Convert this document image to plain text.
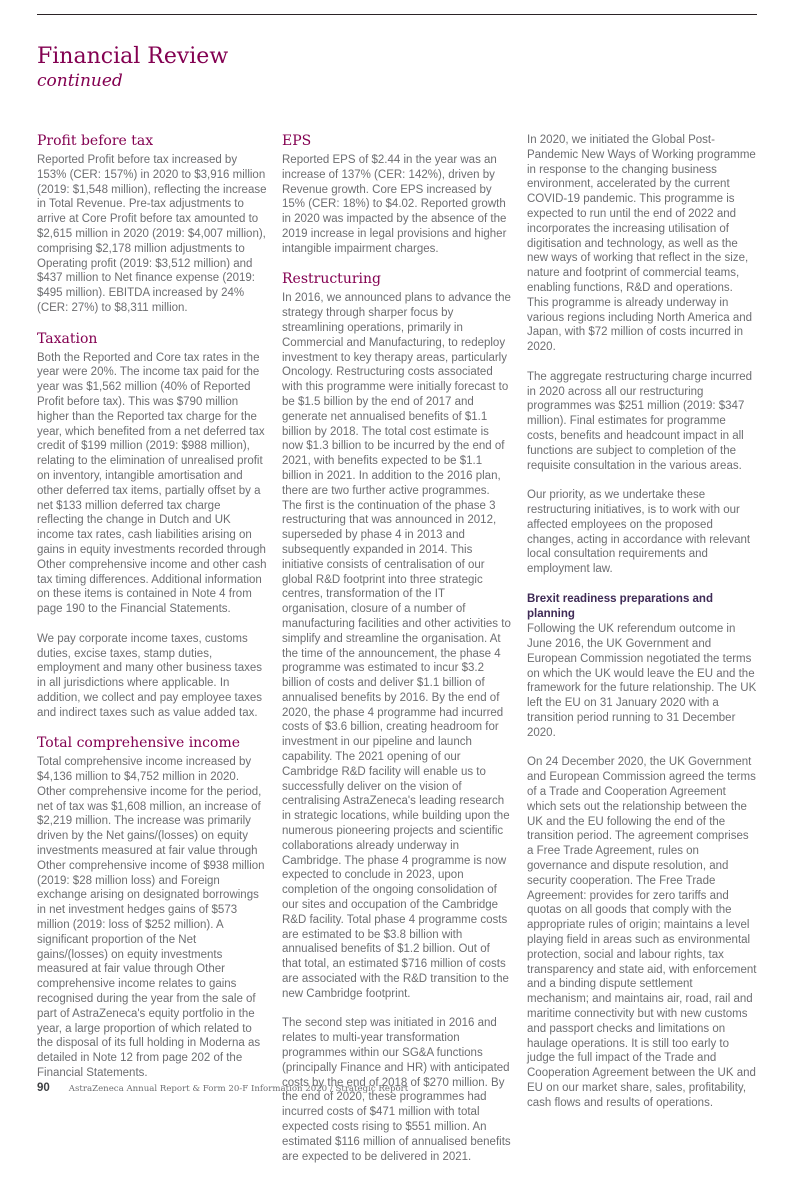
Financial Review

continued

Profit before tax

Reported Profit before tax increased by 153% (CER: 157%) in 2020 to $3,916 million (2019: $1,548 million), reflecting the increase in Total Revenue. Pre-tax adjustments to arrive at Core Profit before tax amounted to $2,615 million in 2020 (2019: $4,007 million), comprising $2,178 million adjustments to Operating profit (2019: $3,512 million) and $437 million to Net finance expense (2019: $495 million). EBITDA increased by 24% (CER: 27%) to $8,311 million.

Taxation

Both the Reported and Core tax rates in the year were 20%. The income tax paid for the year was $1,562 million (40% of Reported Profit before tax). This was $790 million higher than the Reported tax charge for the year, which benefited from a net deferred tax credit of $199 million (2019: $988 million), relating to the elimination of unrealised profit on inventory, intangible amortisation and other deferred tax items, partially offset by a net $133 million deferred tax charge reflecting the change in Dutch and UK income tax rates, cash liabilities arising on gains in equity investments recorded through Other comprehensive income and other cash tax timing differences. Additional information on these items is contained in Note 4 from page 190 to the Financial Statements.

We pay corporate income taxes, customs duties, excise taxes, stamp duties, employment and many other business taxes in all jurisdictions where applicable. In addition, we collect and pay employee taxes and indirect taxes such as value added tax.

Total comprehensive income

Total comprehensive income increased by $4,136 million to $4,752 million in 2020. Other comprehensive income for the period, net of tax was $1,608 million, an increase of $2,219 million. The increase was primarily driven by the Net gains/(losses) on equity investments measured at fair value through Other comprehensive income of $938 million (2019: $28 million loss) and Foreign exchange arising on designated borrowings in net investment hedges gains of $573 million (2019: loss of $252 million). A significant proportion of the Net gains/(losses) on equity investments measured at fair value through Other comprehensive income relates to gains recognised during the year from the sale of part of AstraZeneca's equity portfolio in the year, a large proportion of which related to the disposal of its full holding in Moderna as detailed in Note 12 from page 202 of the Financial Statements.

EPS

Reported EPS of $2.44 in the year was an increase of 137% (CER: 142%), driven by Revenue growth. Core EPS increased by 15% (CER: 18%) to $4.02. Reported growth in 2020 was impacted by the absence of the 2019 increase in legal provisions and higher intangible impairment charges.

Restructuring

In 2016, we announced plans to advance the strategy through sharper focus by streamlining operations, primarily in Commercial and Manufacturing, to redeploy investment to key therapy areas, particularly Oncology. Restructuring costs associated with this programme were initially forecast to be $1.5 billion by the end of 2017 and generate net annualised benefits of $1.1 billion by 2018. The total cost estimate is now $1.3 billion to be incurred by the end of 2021, with benefits expected to be $1.1 billion in 2021. In addition to the 2016 plan, there are two further active programmes. The first is the continuation of the phase 3 restructuring that was announced in 2012, superseded by phase 4 in 2013 and subsequently expanded in 2014. This initiative consists of centralisation of our global R&D footprint into three strategic centres, transformation of the IT organisation, closure of a number of manufacturing facilities and other activities to simplify and streamline the organisation. At the time of the announcement, the phase 4 programme was estimated to incur $3.2 billion of costs and deliver $1.1 billion of annualised benefits by 2016. By the end of 2020, the phase 4 programme had incurred costs of $3.6 billion, creating headroom for investment in our pipeline and launch capability. The 2021 opening of our Cambridge R&D facility will enable us to successfully deliver on the vision of centralising AstraZeneca's leading research in strategic locations, while building upon the numerous pioneering projects and scientific collaborations already underway in Cambridge. The phase 4 programme is now expected to conclude in 2023, upon completion of the ongoing consolidation of our sites and occupation of the Cambridge R&D facility. Total phase 4 programme costs are estimated to be $3.8 billion with annualised benefits of $1.2 billion. Out of that total, an estimated $716 million of costs are associated with the R&D transition to the new Cambridge footprint.

The second step was initiated in 2016 and relates to multi-year transformation programmes within our SG&A functions (principally Finance and HR) with anticipated costs by the end of 2018 of $270 million. By the end of 2020, these programmes had incurred costs of $471 million with total expected costs rising to $551 million. An estimated $116 million of annualised benefits are expected to be delivered in 2021.

In 2020, we initiated the Global Post-Pandemic New Ways of Working programme in response to the changing business environment, accelerated by the current COVID-19 pandemic. This programme is expected to run until the end of 2022 and incorporates the increasing utilisation of digitisation and technology, as well as the new ways of working that reflect in the size, nature and footprint of commercial teams, enabling functions, R&D and operations. This programme is already underway in various regions including North America and Japan, with $72 million of costs incurred in 2020.

The aggregate restructuring charge incurred in 2020 across all our restructuring programmes was $251 million (2019: $347 million). Final estimates for programme costs, benefits and headcount impact in all functions are subject to completion of the requisite consultation in the various areas.

Our priority, as we undertake these restructuring initiatives, is to work with our affected employees on the proposed changes, acting in accordance with relevant local consultation requirements and employment law.

Brexit readiness preparations and planning

Following the UK referendum outcome in June 2016, the UK Government and European Commission negotiated the terms on which the UK would leave the EU and the framework for the future relationship. The UK left the EU on 31 January 2020 with a transition period running to 31 December 2020.

On 24 December 2020, the UK Government and European Commission agreed the terms of a Trade and Cooperation Agreement which sets out the relationship between the UK and the EU following the end of the transition period. The agreement comprises a Free Trade Agreement, rules on governance and dispute resolution, and security cooperation. The Free Trade Agreement: provides for zero tariffs and quotas on all goods that comply with the appropriate rules of origin; maintains a level playing field in areas such as environmental protection, social and labour rights, tax transparency and state aid, with enforcement and a binding dispute settlement mechanism; and maintains air, road, rail and maritime connectivity but with new customs and passport checks and limitations on haulage operations. It is still too early to judge the full impact of the Trade and Cooperation Agreement between the UK and EU on our market share, sales, profitability, cash flows and results of operations.

90 AstraZeneca Annual Report & Form 20-F Information 2020 / Strategic Report
